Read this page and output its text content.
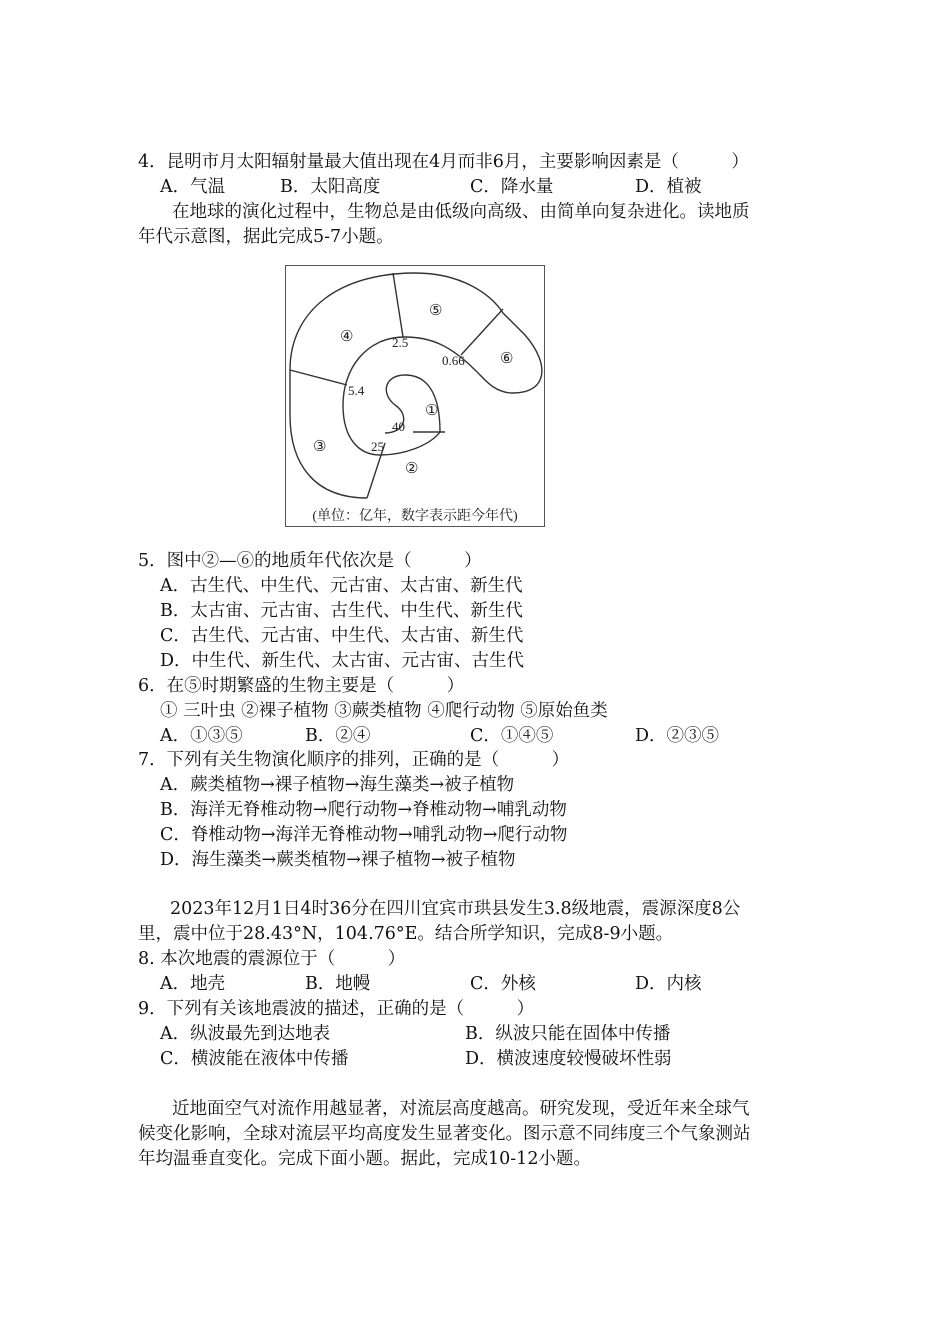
4．昆明市月太阳辐射量最大值出现在4月而非6月，主要影响因素是（　　　）
A．气温	B．太阳高度	C．降水量	D．植被
在地球的演化过程中，生物总是由低级向高级、由简单向复杂进化。读地质
年代示意图，据此完成5-7小题。
①
②
③
④
⑤
⑥
40
25
5.4
2.5
0.66
(单位：亿年，数字表示距今年代)
5．图中②—⑥的地质年代依次是（　　　）
A．古生代、中生代、元古宙、太古宙、新生代
B．太古宙、元古宙、古生代、中生代、新生代
C．古生代、元古宙、中生代、太古宙、新生代
D．中生代、新生代、太古宙、元古宙、古生代
6．在⑤时期繁盛的生物主要是（　　　）
① 三叶虫 ②裸子植物 ③蕨类植物 ④爬行动物 ⑤原始鱼类
A．①③⑤	B．②④	C．①④⑤	D．②③⑤
7．下列有关生物演化顺序的排列，正确的是（　　　）
A．蕨类植物→裸子植物→海生藻类→被子植物
B．海洋无脊椎动物→爬行动物→脊椎动物→哺乳动物
C．脊椎动物→海洋无脊椎动物→哺乳动物→爬行动物
D．海生藻类→蕨类植物→裸子植物→被子植物
2023年12月1日4时36分在四川宜宾市珙县发生3.8级地震，震源深度8公
里，震中位于28.43°N，104.76°E。结合所学知识，完成8-9小题。
8. 本次地震的震源位于（　　　）
A．地壳	B．地幔	C．外核	D．内核
9．下列有关该地震波的描述，正确的是（　　　）
A．纵波最先到达地表	B．纵波只能在固体中传播
C．横波能在液体中传播	D．横波速度较慢破坏性弱
近地面空气对流作用越显著，对流层高度越高。研究发现，受近年来全球气
候变化影响，全球对流层平均高度发生显著变化。图示意不同纬度三个气象测站
年均温垂直变化。完成下面小题。据此，完成10-12小题。
